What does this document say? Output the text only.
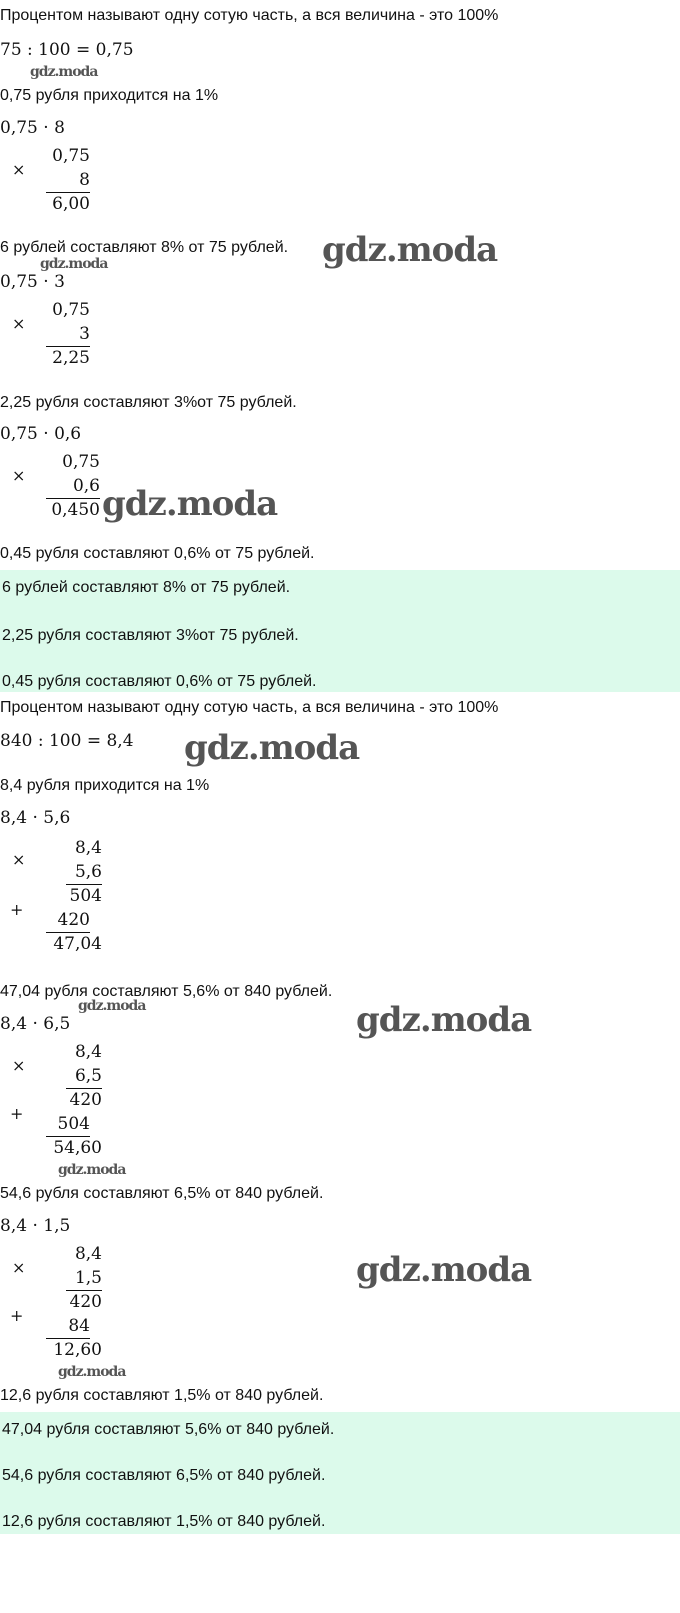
Процентом называют одну сотую часть, а вся величина - это 100%
75 : 100 = 0,75
gdz.moda
0,75 рубля приходится на 1%
0,75 · 8
×
0,75
8
6,00
6 рублей составляют 8% от 75 рублей. gdz.moda
gdz.moda
0,75 · 3
×
0,75
3
2,25
2,25 рубля составляют 3%от 75 рублей.
0,75 · 0,6
×
0,75
0,6
0,450 gdz.moda
0,45 рубля составляют 0,6% от 75 рублей.
6 рублей составляют 8% от 75 рублей.
2,25 рубля составляют 3%от 75 рублей.
0,45 рубля составляют 0,6% от 75 рублей.
Процентом называют одну сотую часть, а вся величина - это 100%
840 : 100 = 8,4 gdz.moda
8,4 рубля приходится на 1%
8,4 · 5,6
×
+
8,4
5,6
504
420
47,04
47,04 рубля составляют 5,6% от 840 рублей.
gdz.moda
8,4 · 6,5	gdz.moda
×
+
8,4
6,5
420
504
54,60
gdz.moda
54,6 рубля составляют 6,5% от 840 рублей.
8,4 · 1,5
×
+
8,4
1,5
420
84
12,60
gdz.moda
gdz.moda
12,6 рубля составляют 1,5% от 840 рублей.
47,04 рубля составляют 5,6% от 840 рублей.
54,6 рубля составляют 6,5% от 840 рублей.
12,6 рубля составляют 1,5% от 840 рублей.
